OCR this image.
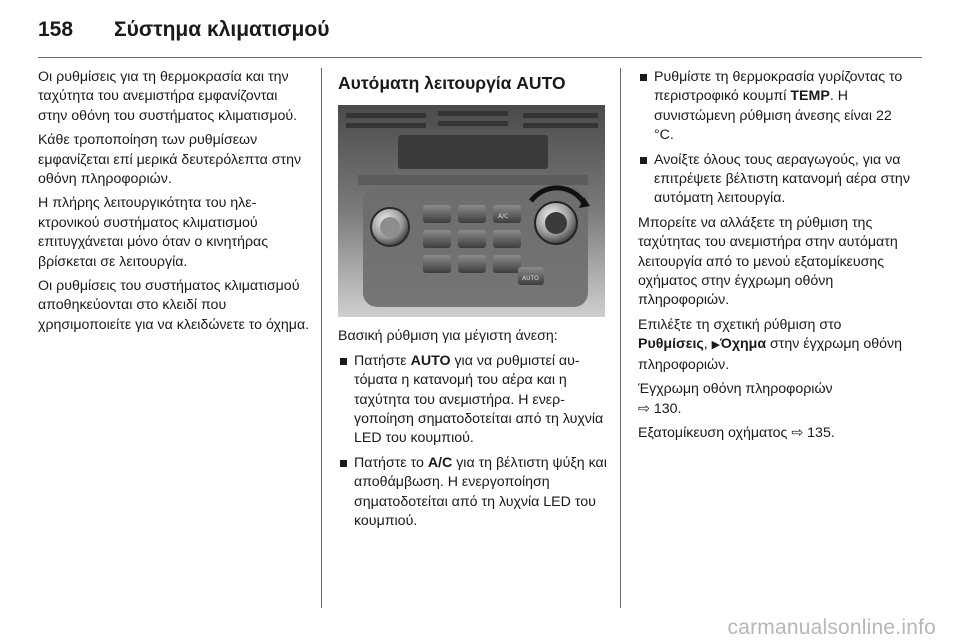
158 Σύστημα κλιματισμού

Οι ρυθμίσεις για τη θερμοκρασία και την ταχύτητα του ανεμιστήρα εμφανίζονται στην οθόνη του συστήματος κλιματισμού.

Κάθε τροποποίηση των ρυθμίσεων εμφανίζεται επί μερικά δευτερόλεπτα στην οθόνη πληροφοριών.

Η πλήρης λειτουργικότητα του ηλεκτρονικού συστήματος κλιματισμού επιτυγχάνεται μόνο όταν ο κινητήρας βρίσκεται σε λειτουργία.

Οι ρυθμίσεις του συστήματος κλιματισμού αποθηκεύονται στο κλειδί που χρησιμοποιείτε για να κλειδώνετε το όχημα.

Αυτόματη λειτουργία AUTO
A/C
AUTO

Βασική ρύθμιση για μέγιστη άνεση:

Πατήστε AUTO για να ρυθμιστεί αυτόματα η κατανομή του αέρα και η ταχύτητα του ανεμιστήρα. Η ενεργοποίηση σηματοδοτείται από τη λυχνία LED του κουμπιού.
Πατήστε το A/C για τη βέλτιστη ψύξη και αποθάμβωση. Η ενεργοποίηση σηματοδοτείται από τη λυχνία LED του κουμπιού.
Ρυθμίστε τη θερμοκρασία γυρίζοντας το περιστροφικό κουμπί TEMP. Η συνιστώμενη ρύθμιση άνεσης είναι 22 °C.
Ανοίξτε όλους τους αεραγωγούς, για να επιτρέψετε βέλτιστη κατανομή αέρα στην αυτόματη λειτουργία.

Μπορείτε να αλλάξετε τη ρύθμιση της ταχύτητας του ανεμιστήρα στην αυτόματη λειτουργία από το μενού εξατομίκευσης οχήματος στην έγχρωμη οθόνη πληροφοριών.

Επιλέξτε τη σχετική ρύθμιση στο Ρυθμίσεις, ▶Όχημα στην έγχρωμη οθόνη πληροφοριών.

Έγχρωμη οθόνη πληροφοριών
⇨ 130.

Εξατομίκευση οχήματος ⇨ 135.

carmanualsonline.info
